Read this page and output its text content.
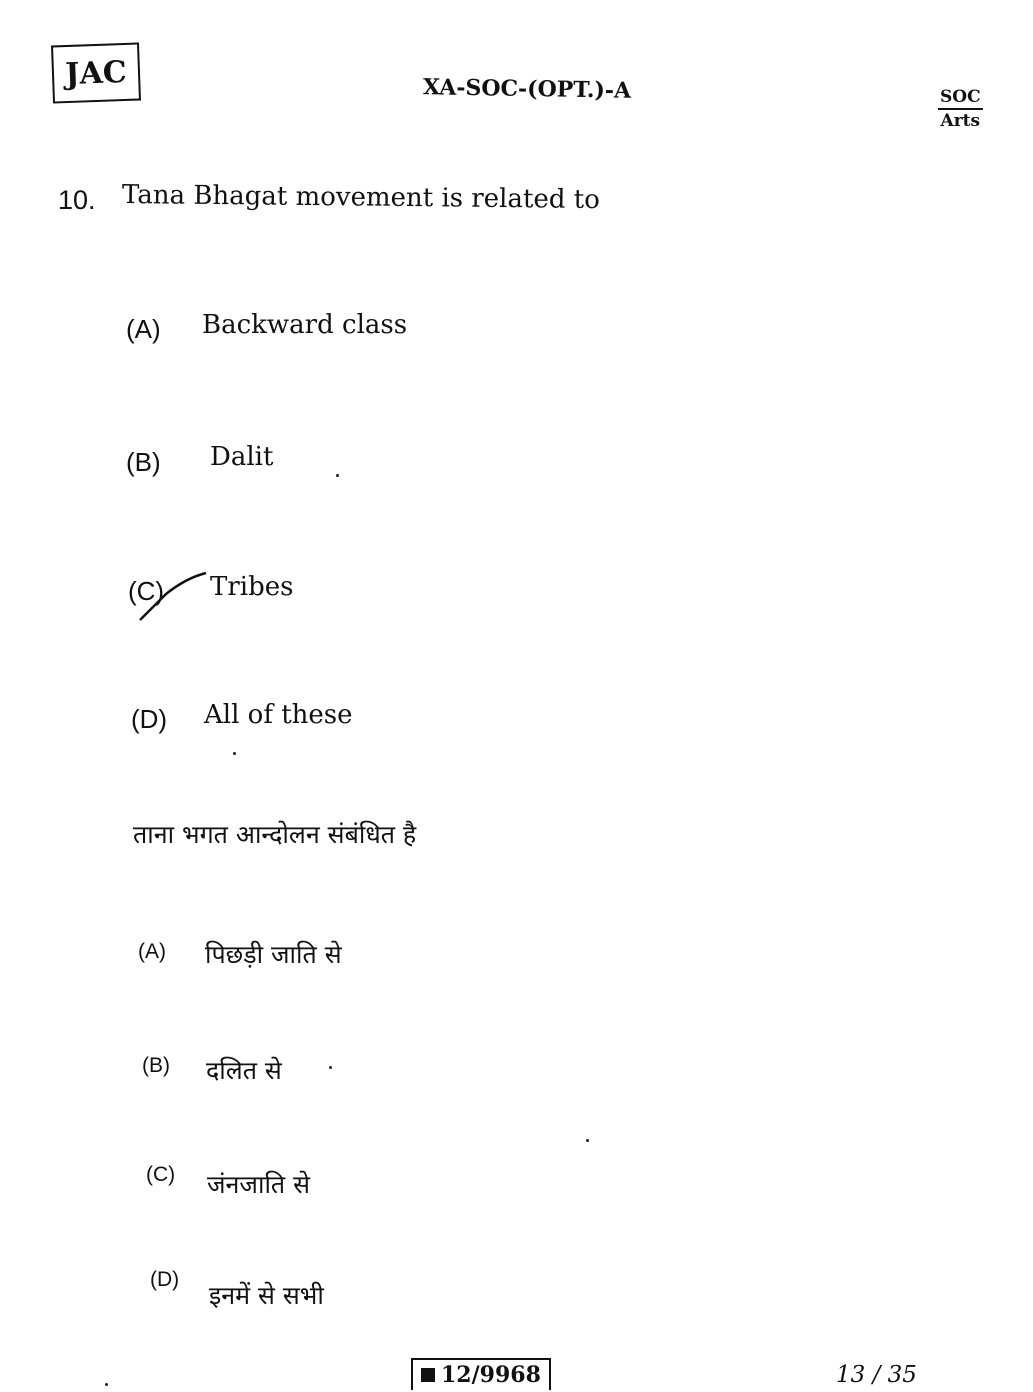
JAC	XA-SOC-(OPT.)-A	SOC
Arts
10. Tana Bhagat movement is related to
(A) Backward class
(B) Dalit
(C) Tribes
(D) All of these
ताना भगत आन्दोलन संबंधित है
(A) पिछड़ी जाति से
(B) दलित से
(C) जंनजाति से
(D)
इनमें से सभी
12/9968	13 / 35
